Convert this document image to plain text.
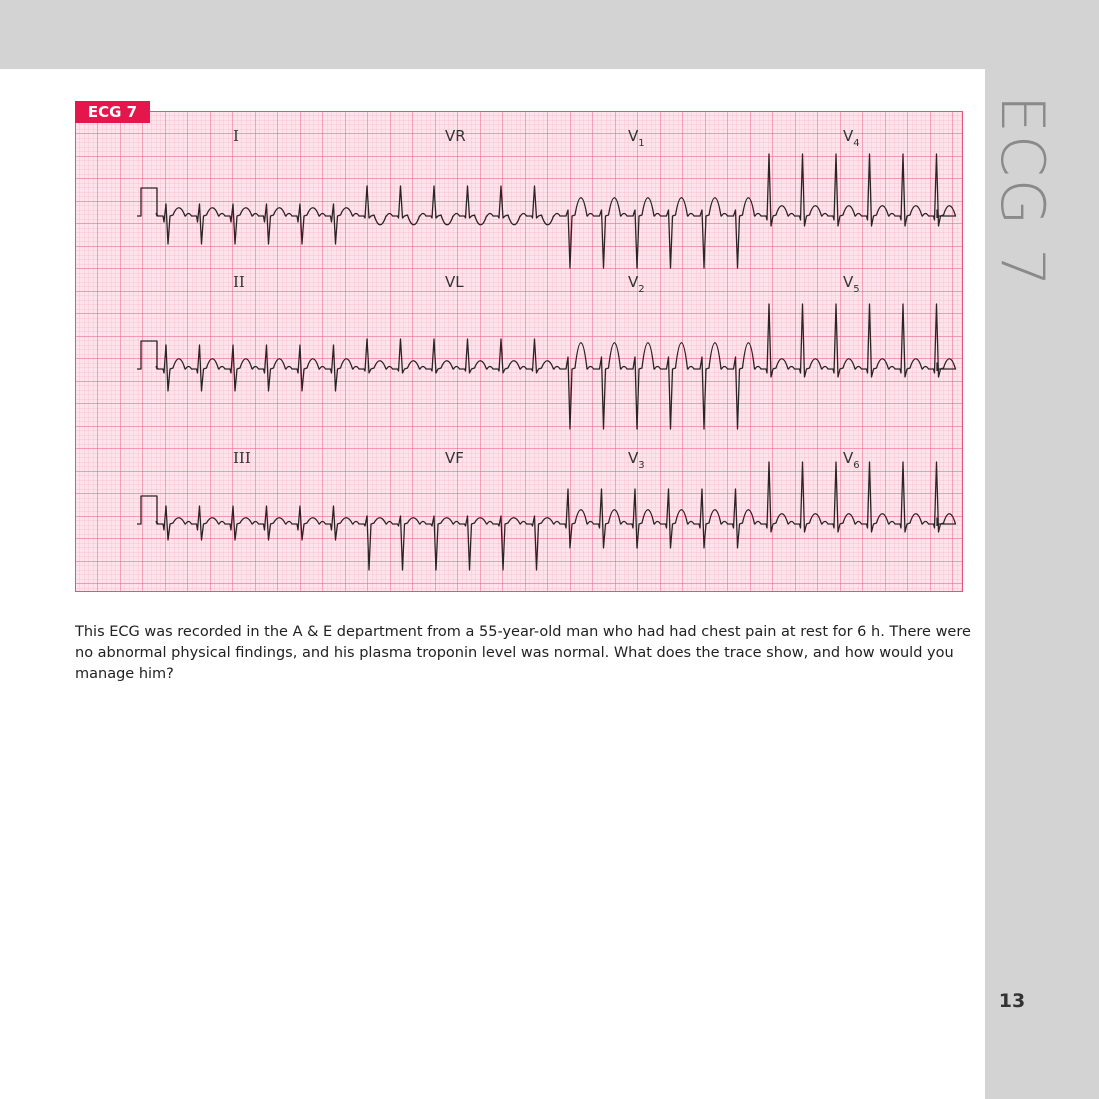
ECG 7
ECG 7
I	VR	$V_1$	$V_4$
II	VL	$V_2$	$V_5$
III	VF	$V_3$	$V_6$
This ECG was recorded in the A & E department from a 55-year-old man who had had chest pain at rest for 6 h. There were no abnormal physical findings, and his plasma troponin level was normal. What does the trace show, and how would you manage him?
13
